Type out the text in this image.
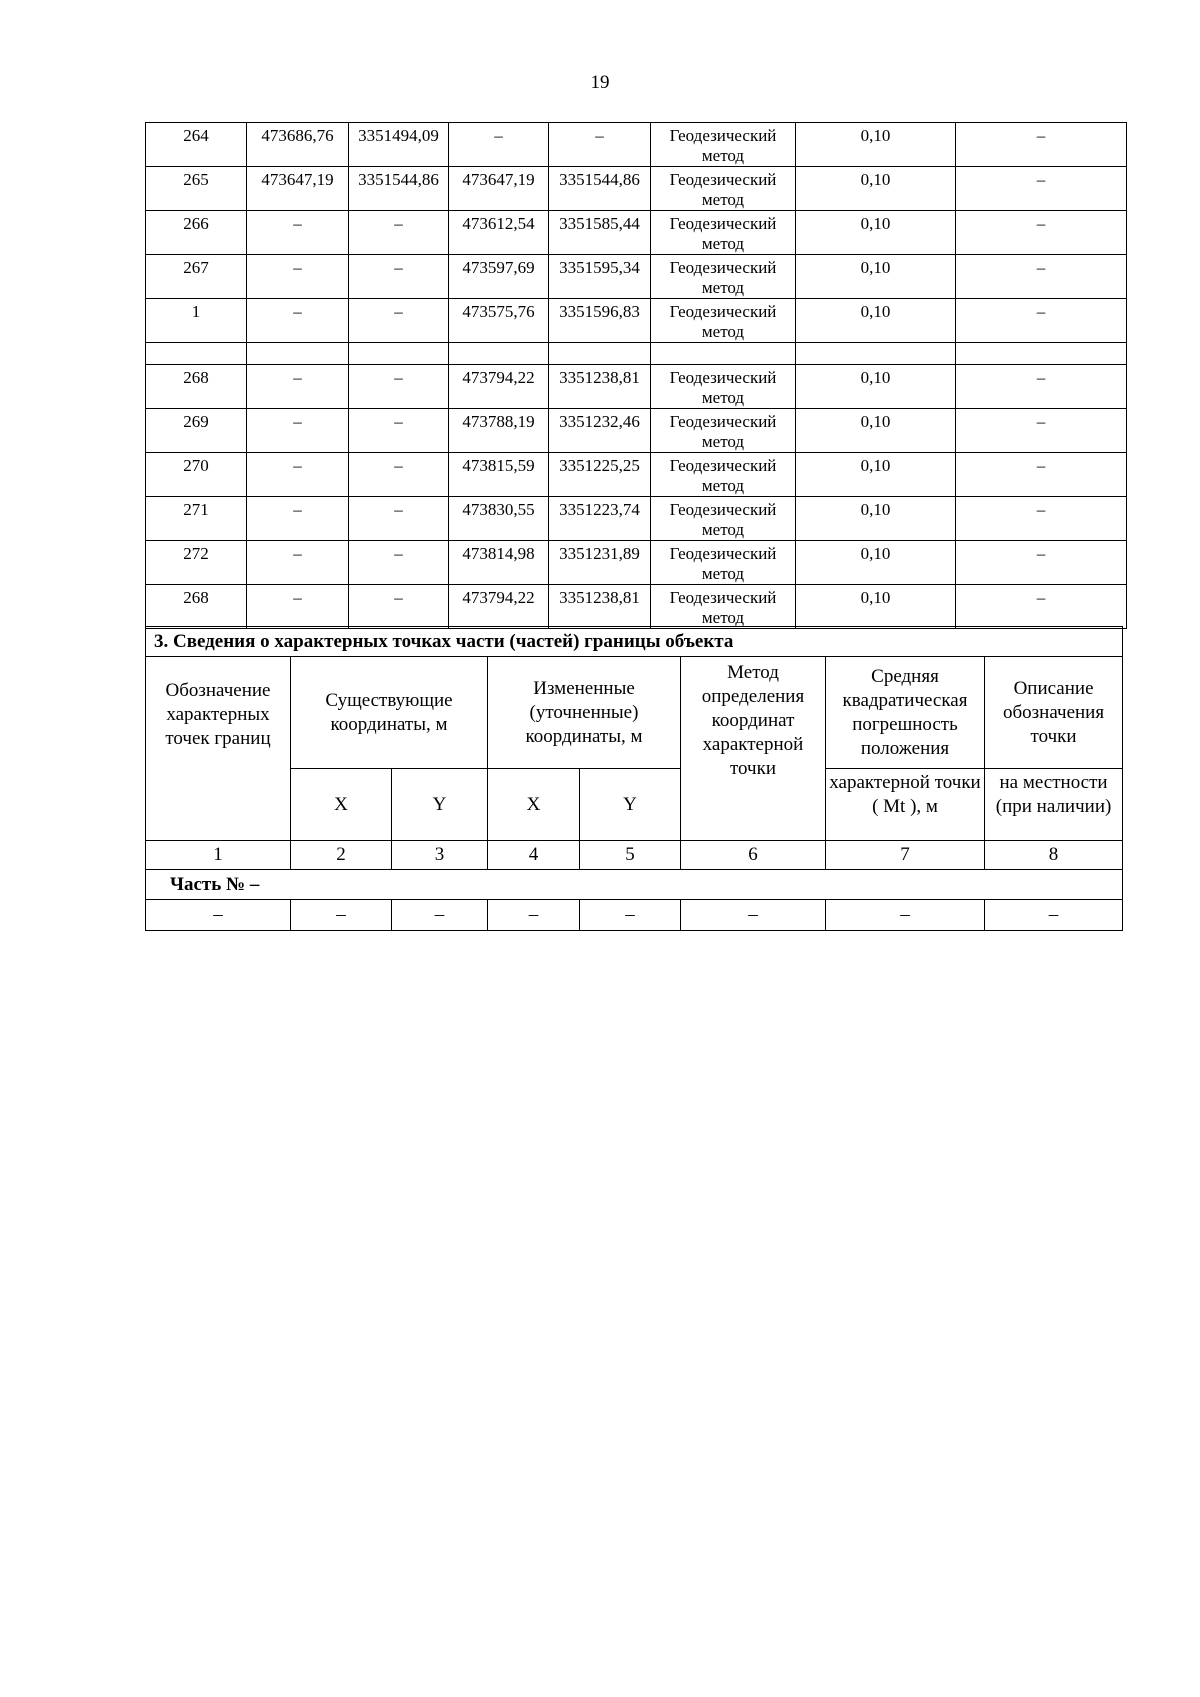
19
264	473686,76	3351494,09	–	–	Геодезический метод	0,10	–
265	473647,19	3351544,86	473647,19	3351544,86	Геодезический метод	0,10	–
266	–	–	473612,54	3351585,44	Геодезический метод	0,10	–
267	–	–	473597,69	3351595,34	Геодезический метод	0,10	–
1	–	–	473575,76	3351596,83	Геодезический метод	0,10	–

268	–	–	473794,22	3351238,81	Геодезический метод	0,10	–
269	–	–	473788,19	3351232,46	Геодезический метод	0,10	–
270	–	–	473815,59	3351225,25	Геодезический метод	0,10	–
271	–	–	473830,55	3351223,74	Геодезический метод	0,10	–
272	–	–	473814,98	3351231,89	Геодезический метод	0,10	–
268	–	–	473794,22	3351238,81	Геодезический метод	0,10	–
3. Сведения о характерных точках части (частей) границы объекта							
Обозначение характерных точек границ	Существующие координаты, м		Измененные (уточненные) координаты, м		Метод определения координат характерной точки	Средняя квадратическая погрешность положения	Описание обозначения точки
	X	Y	X	Y		характерной точки ( Mt ), м	на местности (при наличии)
1	2	3	4	5	6	7	8
Часть № –							
–	–	–	–	–	–	–	–
